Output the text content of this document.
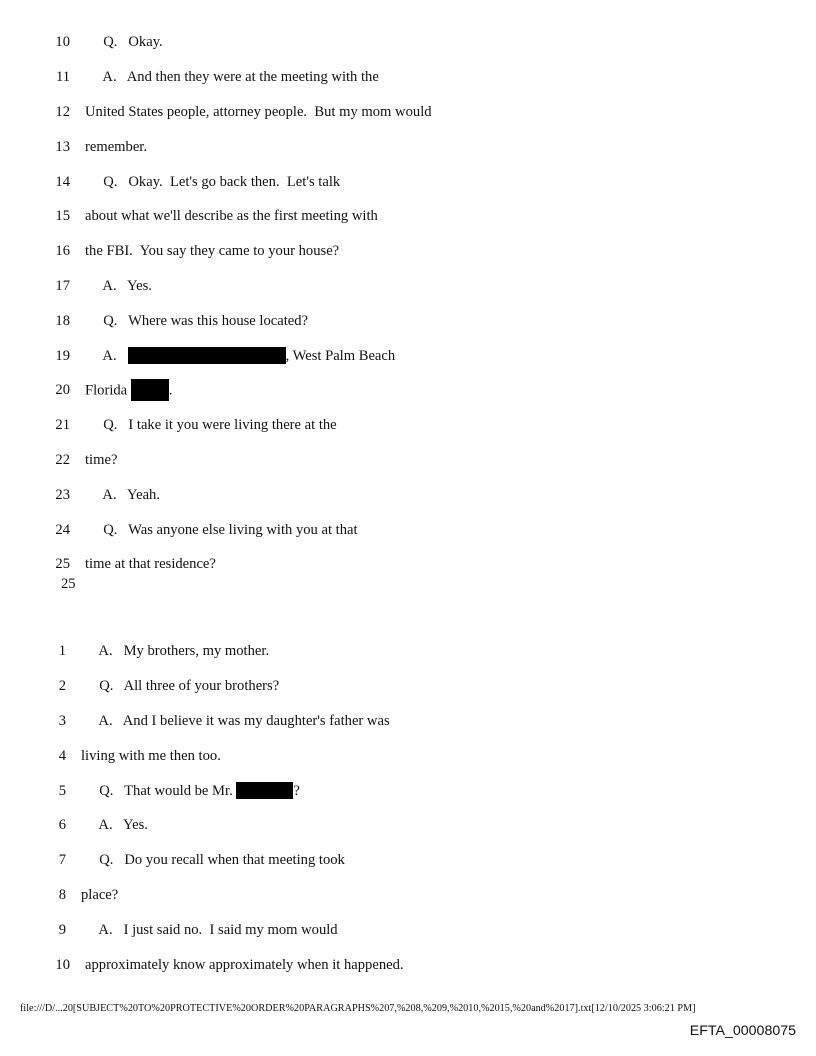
10 Q.   Okay.
11 A.   And then they were at the meeting with the
12 United States people, attorney people.  But my mom would
13 remember.
14 Q.   Okay.  Let's go back then.  Let's talk
15 about what we'll describe as the first meeting with
16 the FBI.  You say they came to your house?
17 A.   Yes.
18 Q.   Where was this house located?
19 A.	, West Palm Beach
20 Florida	.
21 Q.   I take it you were living there at the
22 time?
23 A.   Yeah.
24 Q.   Was anyone else living with you at that
25 time at that residence?
25
1 A.   My brothers, my mother.
2 Q.   All three of your brothers?
3 A.   And I believe it was my daughter's father was
4 living with me then too.
5 Q.   That would be Mr.	?
6 A.   Yes.
7 Q.   Do you recall when that meeting took
8 place?
9 A.   I just said no.  I said my mom would
10 approximately know approximately when it happened.
file:///D/...20[SUBJECT%20TO%20PROTECTIVE%20ORDER%20PARAGRAPHS%207,%208,%209,%2010,%2015,%20and%2017].txt[12/10/2025 3:06:21 PM]
EFTA_00008075
